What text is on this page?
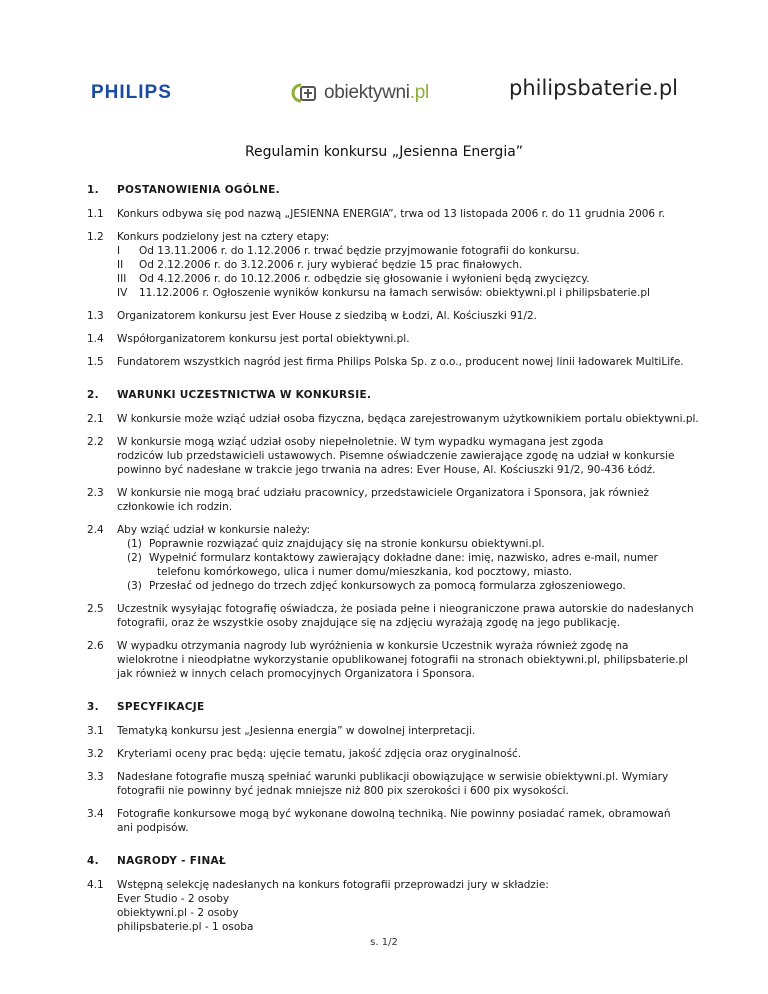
PHILIPS	obiektywni.pl	philipsbaterie.pl
Regulamin konkursu „Jesienna Energia”
1.	POSTANOWIENIA OGÓLNE.
1.1	Konkurs odbywa się pod nazwą „JESIENNA ENERGIA”, trwa od 13 listopada 2006 r. do 11 grudnia 2006 r.
1.2	Konkurs podzielony jest na cztery etapy:
I	Od 13.11.2006 r. do 1.12.2006 r. trwać będzie przyjmowanie fotografii do konkursu.
II	Od 2.12.2006 r. do 3.12.2006 r. jury wybierać będzie 15 prac finałowych.
III Od 4.12.2006 r. do 10.12.2006 r. odbędzie się głosowanie i wyłonieni będą zwycięzcy.
IV 11.12.2006 r. Ogłoszenie wyników konkursu na łamach serwisów: obiektywni.pl i philipsbaterie.pl
1.3	Organizatorem konkursu jest Ever House z siedzibą w Łodzi, Al. Kościuszki 91/2.
1.4	Współorganizatorem konkursu jest portal obiektywni.pl.
1.5	Fundatorem wszystkich nagród jest firma Philips Polska Sp. z o.o., producent nowej linii ładowarek MultiLife.
2.	WARUNKI UCZESTNICTWA W KONKURSIE.
2.1	W konkursie może wziąć udział osoba fizyczna, będąca zarejestrowanym użytkownikiem portalu obiektywni.pl.
2.2	W konkursie mogą wziąć udział osoby niepełnoletnie. W tym wypadku wymagana jest zgoda
rodziców lub przedstawicieli ustawowych. Pisemne oświadczenie zawierające zgodę na udział w konkursie
powinno być nadesłane w trakcie jego trwania na adres: Ever House, Al. Kościuszki 91/2, 90-436 Łódź.
2.3	W konkursie nie mogą brać udziału pracownicy, przedstawiciele Organizatora i Sponsora, jak również
członkowie ich rodzin.
2.4	Aby wziąć udział w konkursie należy:
(1) Poprawnie rozwiązać quiz znajdujący się na stronie konkursu obiektywni.pl.
(2) Wypełnić formularz kontaktowy zawierający dokładne dane: imię, nazwisko, adres e-mail, numer
telefonu komórkowego, ulica i numer domu/mieszkania, kod pocztowy, miasto.
(3) Przesłać od jednego do trzech zdjęć konkursowych za pomocą formularza zgłoszeniowego.
2.5	Uczestnik wysyłając fotografię oświadcza, że posiada pełne i nieograniczone prawa autorskie do nadesłanych
fotografii, oraz że wszystkie osoby znajdujące się na zdjęciu wyrażają zgodę na jego publikację.
2.6	W wypadku otrzymania nagrody lub wyróżnienia w konkursie Uczestnik wyraża również zgodę na
wielokrotne i nieodpłatne wykorzystanie opublikowanej fotografii na stronach obiektywni.pl, philipsbaterie.pl
jak również w innych celach promocyjnych Organizatora i Sponsora.
3.	SPECYFIKACJE
3.1	Tematyką konkursu jest „Jesienna energia” w dowolnej interpretacji.
3.2	Kryteriami oceny prac będą: ujęcie tematu, jakość zdjęcia oraz oryginalność.
3.3	Nadesłane fotografie muszą spełniać warunki publikacji obowiązujące w serwisie obiektywni.pl. Wymiary
fotografii nie powinny być jednak mniejsze niż 800 pix szerokości i 600 pix wysokości.
3.4	Fotografie konkursowe mogą być wykonane dowolną techniką. Nie powinny posiadać ramek, obramowań
ani podpisów.
4.	NAGRODY - FINAŁ
4.1	Wstępną selekcję nadesłanych na konkurs fotografii przeprowadzi jury w składzie:
Ever Studio - 2 osoby
obiektywni.pl - 2 osoby
philipsbaterie.pl - 1 osoba
s. 1/2
